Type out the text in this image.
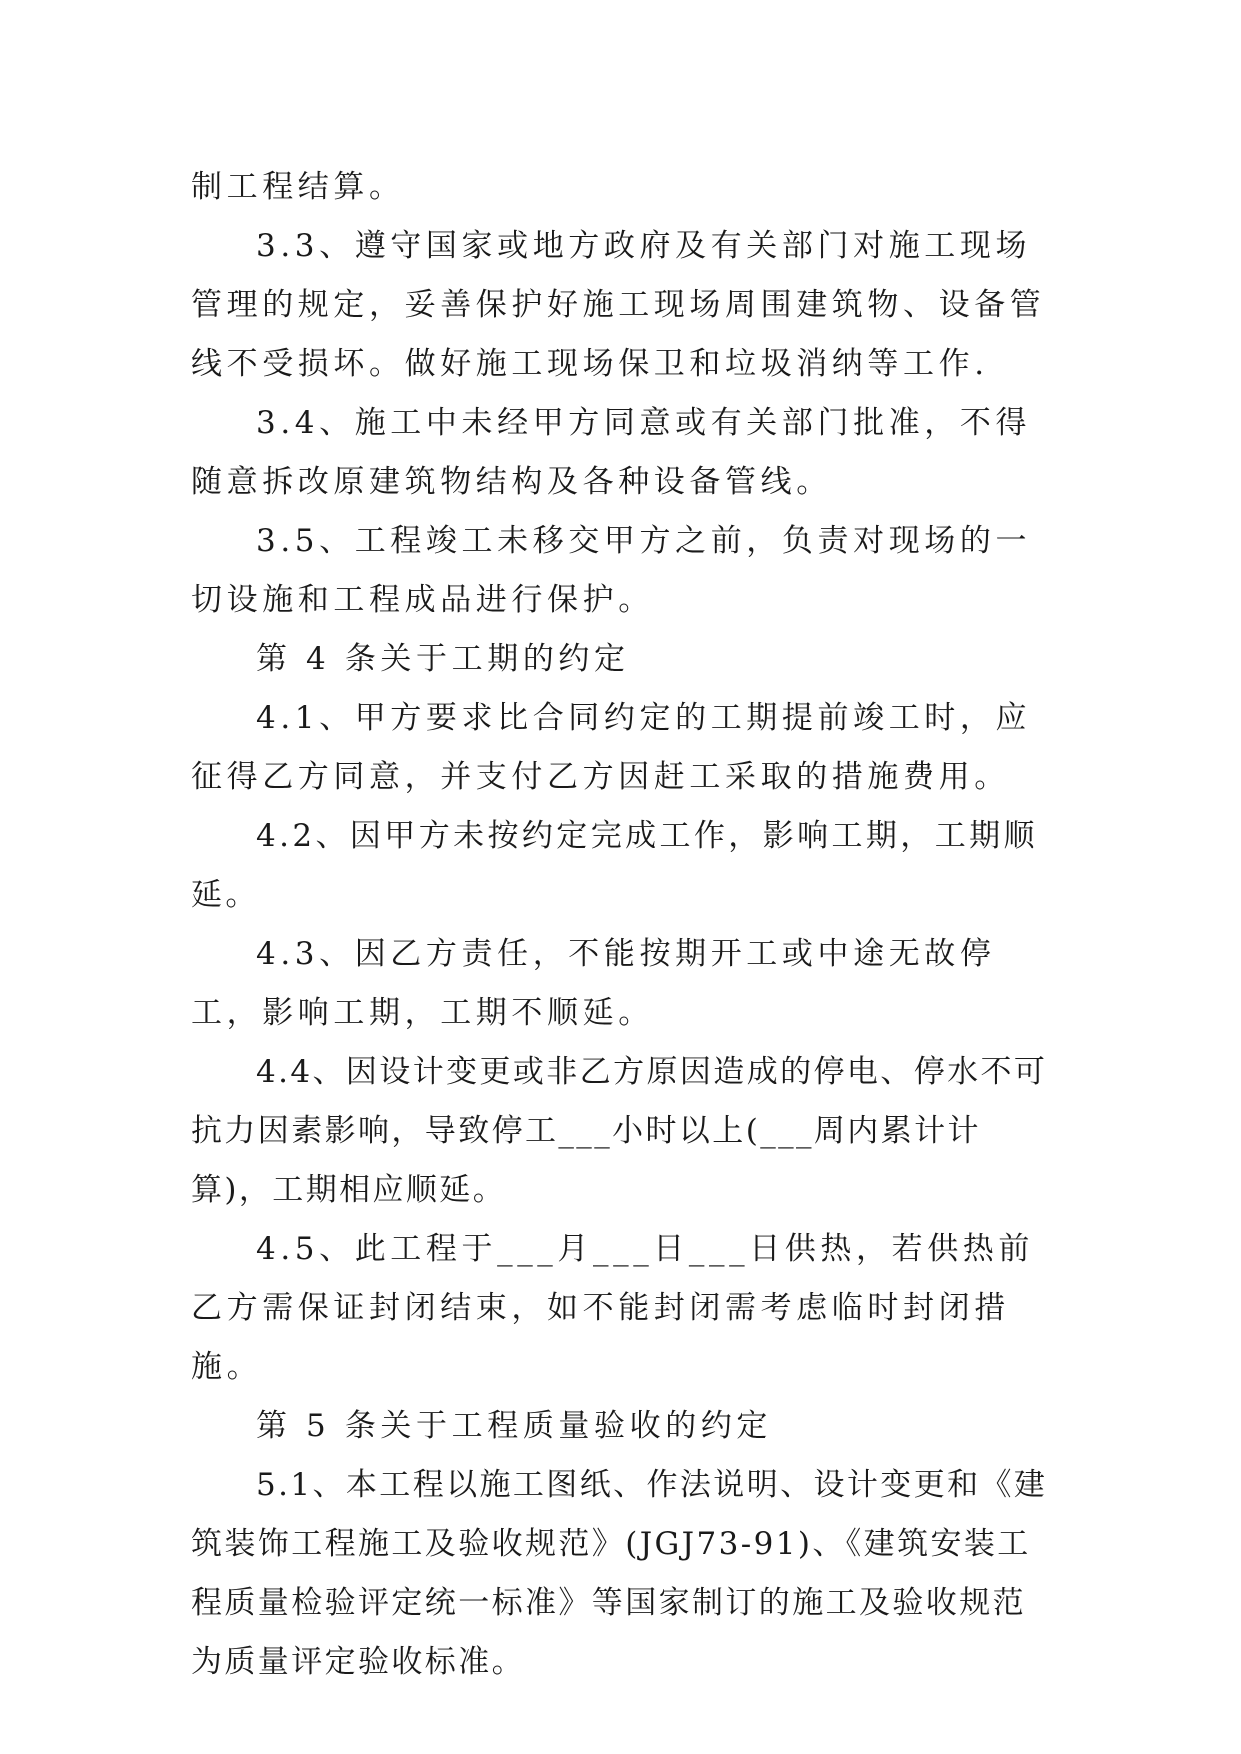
制工程结算。

3.3、遵守国家或地方政府及有关部门对施工现场管理的规定，妥善保护好施工现场周围建筑物、设备管线不受损坏。做好施工现场保卫和垃圾消纳等工作.

3.4、施工中未经甲方同意或有关部门批准，不得随意拆改原建筑物结构及各种设备管线。

3.5、工程竣工未移交甲方之前，负责对现场的一切设施和工程成品进行保护。

第 4 条关于工期的约定

4.1、甲方要求比合同约定的工期提前竣工时，应征得乙方同意，并支付乙方因赶工采取的措施费用。

4.2、因甲方未按约定完成工作，影响工期，工期顺延。

4.3、因乙方责任，不能按期开工或中途无故停工，影响工期，工期不顺延。

4.4、因设计变更或非乙方原因造成的停电、停水不可抗力因素影响，导致停工___小时以上(___周内累计计算)，工期相应顺延。

4.5、此工程于___月___日___日供热，若供热前乙方需保证封闭结束，如不能封闭需考虑临时封闭措施。

第 5 条关于工程质量验收的约定

5.1、本工程以施工图纸、作法说明、设计变更和《建筑装饰工程施工及验收规范》(JGJ73-91)、《建筑安装工程质量检验评定统一标准》等国家制订的施工及验收规范为质量评定验收标准。
